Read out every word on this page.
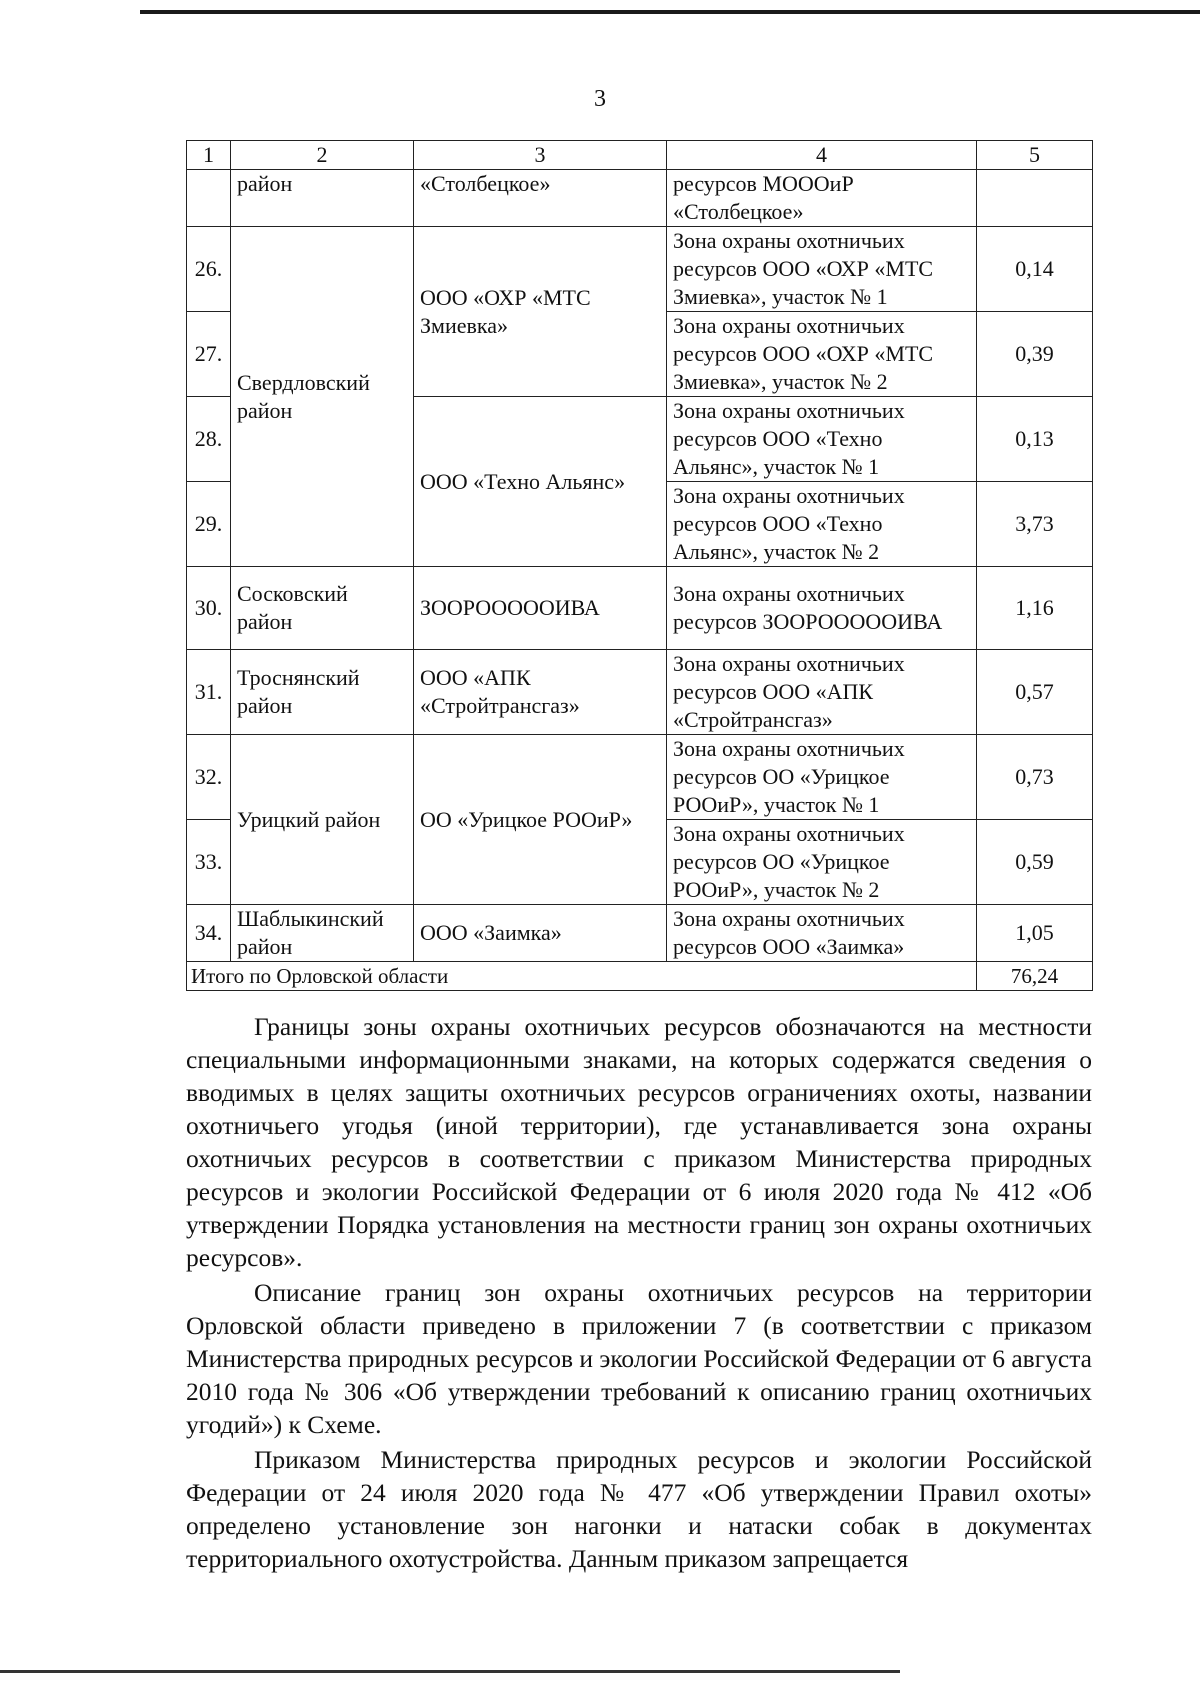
3
1	2	3	4	5
	район	«Столбецкое»	ресурсов МОООиР «Столбецкое»	
26.	Свердловский район	ООО «ОХР «МТС Змиевка»	Зона охраны охотничьих ресурсов ООО «ОХР «МТС Змиевка», участок № 1	0,14
27.			Зона охраны охотничьих ресурсов ООО «ОХР «МТС Змиевка», участок № 2	0,39
28.		ООО «Техно Альянс»	Зона охраны охотничьих ресурсов ООО «Техно Альянс», участок № 1	0,13
29.			Зона охраны охотничьих ресурсов ООО «Техно Альянс», участок № 2	3,73
30.	Сосковский район	ЗООРООООOИВА	Зона охраны охотничьих ресурсов ЗООРООООOИВА	1,16
31.	Троснянский район	ООО «АПК «Стройтрансгаз»	Зона охраны охотничьих ресурсов ООО «АПК «Стройтрансгаз»	0,57
32.	Урицкий район	ОО «Урицкое РООиР»	Зона охраны охотничьих ресурсов ОО «Урицкое РООиР», участок № 1	0,73
33.			Зона охраны охотничьих ресурсов ОО «Урицкое РООиР», участок № 2	0,59
34.	Шаблыкинский район	ООО «Заимка»	Зона охраны охотничьих ресурсов ООО «Заимка»	1,05
Итого по Орловской области				76,24

Границы зоны охраны охотничьих ресурсов обозначаются на местности специальными информационными знаками, на которых содержатся сведения о вводимых в целях защиты охотничьих ресурсов ограничениях охоты, названии охотничьего угодья (иной территории), где устанавливается зона охраны охотничьих ресурсов в соответствии с приказом Министерства природных ресурсов и экологии Российской Федерации от 6 июля 2020 года № 412 «Об утверждении Порядка установления на местности границ зон охраны охотничьих ресурсов».

Описание границ зон охраны охотничьих ресурсов на территории Орловской области приведено в приложении 7 (в соответствии с приказом Министерства природных ресурсов и экологии Российской Федерации от 6 августа 2010 года № 306 «Об утверждении требований к описанию границ охотничьих угодий») к Схеме.

Приказом Министерства природных ресурсов и экологии Российской Федерации от 24 июля 2020 года № 477 «Об утверждении Правил охоты» определено установление зон нагонки и натаски собак в документах территориального охотустройства. Данным приказом запрещается
